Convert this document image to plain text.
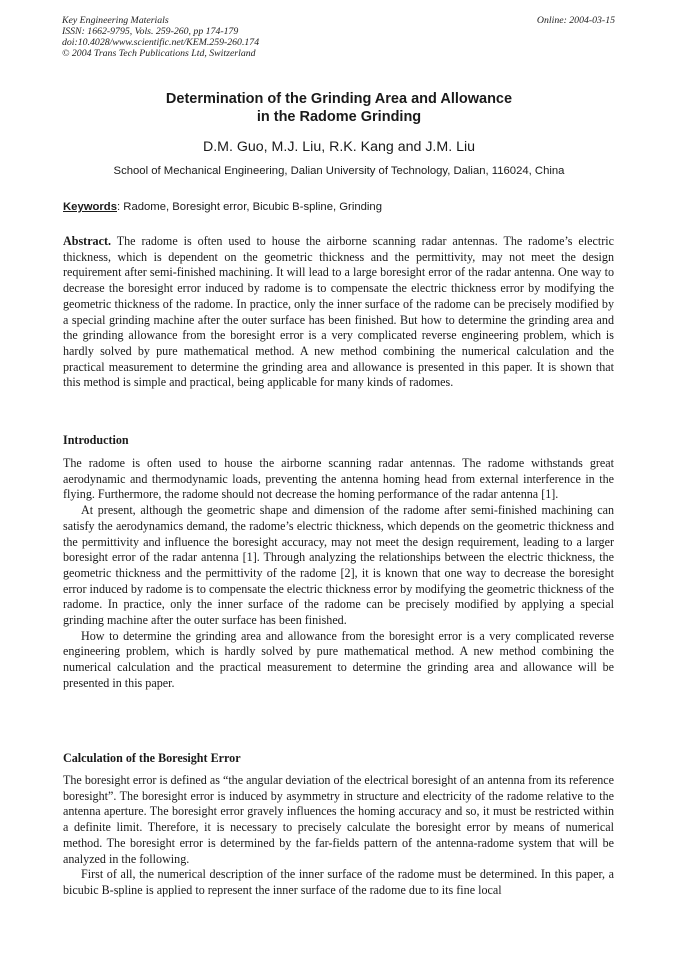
Key Engineering Materials
ISSN: 1662-9795, Vols. 259-260, pp 174-179
doi:10.4028/www.scientific.net/KEM.259-260.174
© 2004 Trans Tech Publications Ltd, Switzerland
Online: 2004-03-15
Determination of the Grinding Area and Allowance
in the Radome Grinding
D.M. Guo, M.J. Liu, R.K. Kang and J.M. Liu
School of Mechanical Engineering, Dalian University of Technology, Dalian, 116024, China
Keywords: Radome, Boresight error, Bicubic B-spline, Grinding

Abstract. The radome is often used to house the airborne scanning radar antennas. The radome’s electric thickness, which is dependent on the geometric thickness and the permittivity, may not meet the design requirement after semi-finished machining. It will lead to a large boresight error of the radar antenna. One way to decrease the boresight error induced by radome is to compensate the electric thickness error by modifying the geometric thickness of the radome. In practice, only the inner surface of the radome can be precisely modified by a special grinding machine after the outer surface has been finished. But how to determine the grinding area and the grinding allowance from the boresight error is a very complicated reverse engineering problem, which is hardly solved by pure mathematical method. A new method combining the numerical calculation and the practical measurement to determine the grinding area and allowance is presented in this paper. It is shown that this method is simple and practical, being applicable for many kinds of radomes.

Introduction

The radome is often used to house the airborne scanning radar antennas. The radome withstands great aerodynamic and thermodynamic loads, preventing the antenna homing head from external interference in the flying. Furthermore, the radome should not decrease the homing performance of the radar antenna [1].

At present, although the geometric shape and dimension of the radome after semi-finished machining can satisfy the aerodynamics demand, the radome’s electric thickness, which depends on the geometric thickness and the permittivity and influence the boresight accuracy, may not meet the design requirement, leading to a larger boresight error of the radar antenna [1]. Through analyzing the relationships between the electric thickness, the geometric thickness and the permittivity of the radome [2], it is known that one way to decrease the boresight error induced by radome is to compensate the electric thickness error by modifying the geometric thickness of the radome. In practice, only the inner surface of the radome can be precisely modified by applying a special grinding machine after the outer surface has been finished.

How to determine the grinding area and allowance from the boresight error is a very complicated reverse engineering problem, which is hardly solved by pure mathematical method. A new method combining the numerical calculation and the practical measurement to determine the grinding area and allowance will be presented in this paper.

Calculation of the Boresight Error

The boresight error is defined as “the angular deviation of the electrical boresight of an antenna from its reference boresight”. The boresight error is induced by asymmetry in structure and electricity of the radome relative to the antenna aperture. The boresight error gravely influences the homing accuracy and so, it must be restricted within a definite limit. Therefore, it is necessary to precisely calculate the boresight error by means of numerical method. The boresight error is determined by the far-fields pattern of the antenna-radome system that will be analyzed in the following.

First of all, the numerical description of the inner surface of the radome must be determined. In this paper, a bicubic B-spline is applied to represent the inner surface of the radome due to its fine local
